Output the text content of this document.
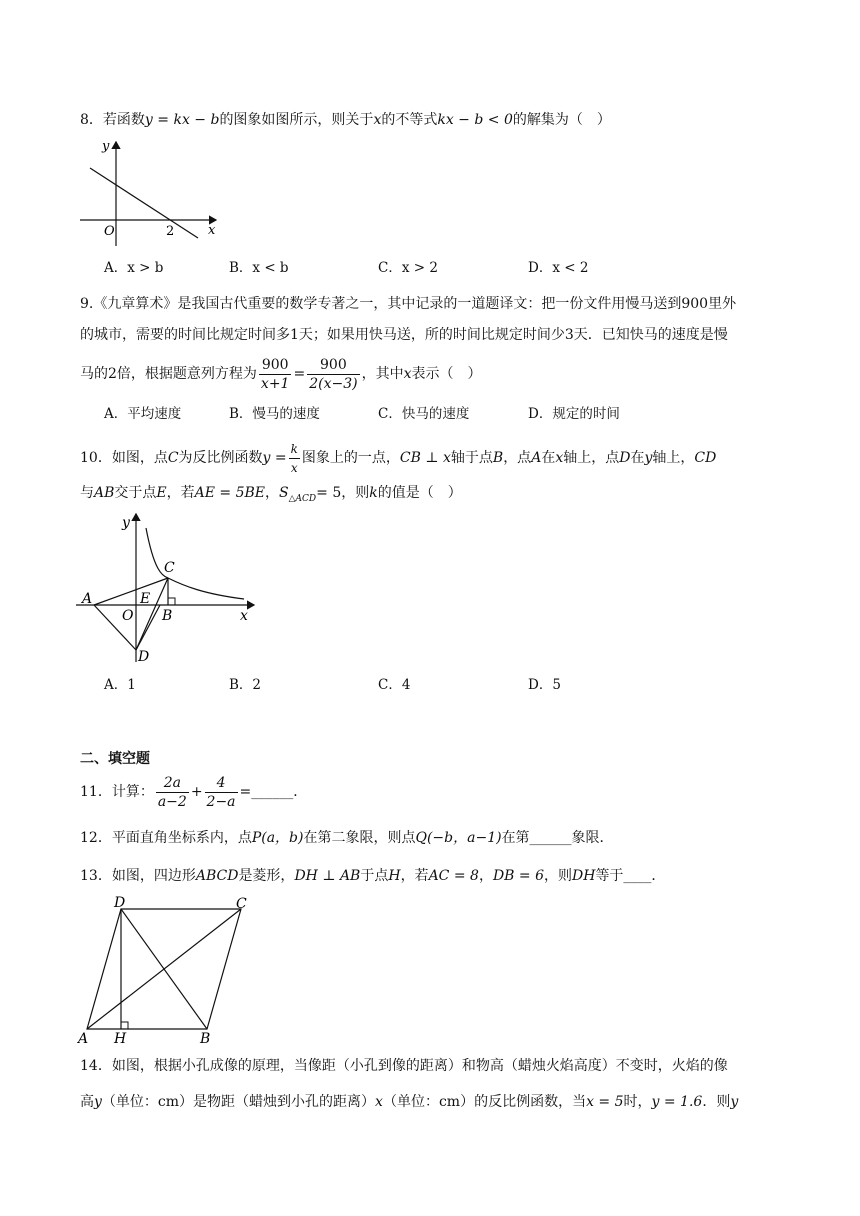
8．若函数y = kx − b的图象如图所示，则关于x的不等式kx − b < 0的解集为（　）
y
x
O	2
A．x > b	B．x < b	C．x > 2	D．x < 2
9.《九章算术》是我国古代重要的数学专著之一，其中记录的一道题译文：把一份文件用慢马送到900里外
的城市，需要的时间比规定时间多1天；如果用快马送，所的时间比规定时间少3天．已知快马的速度是慢
马的2倍，根据题意列方程为 $\frac{900}{x+1} = \frac{900}{2(x-3)}$ ，其中x表示（　）
A．平均速度	B．慢马的速度	C．快马的速度	D．规定的时间
10．如图，点C为反比例函数$y = \frac{k}{x}$ 图象上的一点，CB ⊥ x轴于点B，点A在x轴上，点D在y轴上，CD
与AB交于点E，若AE = 5BE，$S_{\triangle ACD}= 5$，则k的值是（　）
y
x
A	E
O B
C
D
A．1	B．2	C．4	D．5
二、填空题
11．计算： $\frac{2a}{a-2} + \frac{4}{2-a}$ =______．
12．平面直角坐标系内，点P(a，b)在第二象限，则点Q(−b，a−1)在第______象限．
13．如图，四边形ABCD是菱形，DH ⊥ AB于点H，若AC = 8，DB = 6，则DH等于____．
D	C
A H	B
14．如图，根据小孔成像的原理，当像距（小孔到像的距离）和物高（蜡烛火焰高度）不变时，火焰的像
高y（单位：cm）是物距（蜡烛到小孔的距离）x（单位：cm）的反比例函数，当x = 5时，y = 1.6．则y
